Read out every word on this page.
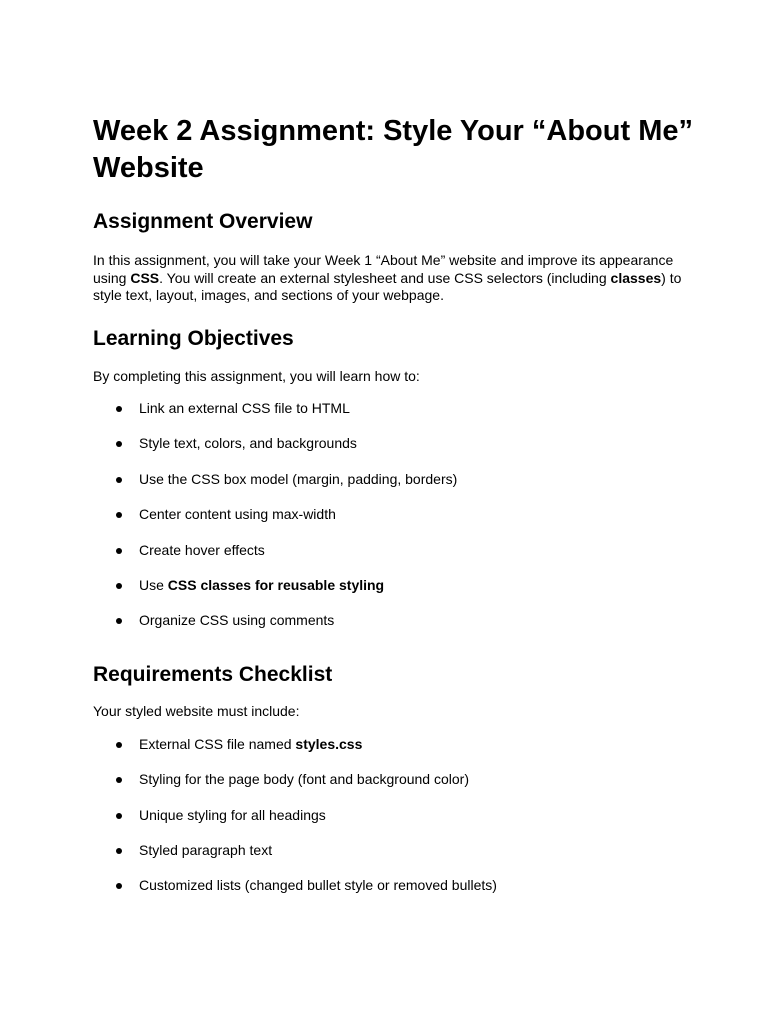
Week 2 Assignment: Style Your “About Me” Website
Assignment Overview

In this assignment, you will take your Week 1 “About Me” website and improve its appearance using CSS. You will create an external stylesheet and use CSS selectors (including classes) to style text, layout, images, and sections of your webpage.

Learning Objectives

By completing this assignment, you will learn how to:

Link an external CSS file to HTML
Style text, colors, and backgrounds
Use the CSS box model (margin, padding, borders)
Center content using max-width
Create hover effects
Use CSS classes for reusable styling
Organize CSS using comments
Requirements Checklist

Your styled website must include:

External CSS file named styles.css
Styling for the page body (font and background color)
Unique styling for all headings
Styled paragraph text
Customized lists (changed bullet style or removed bullets)
